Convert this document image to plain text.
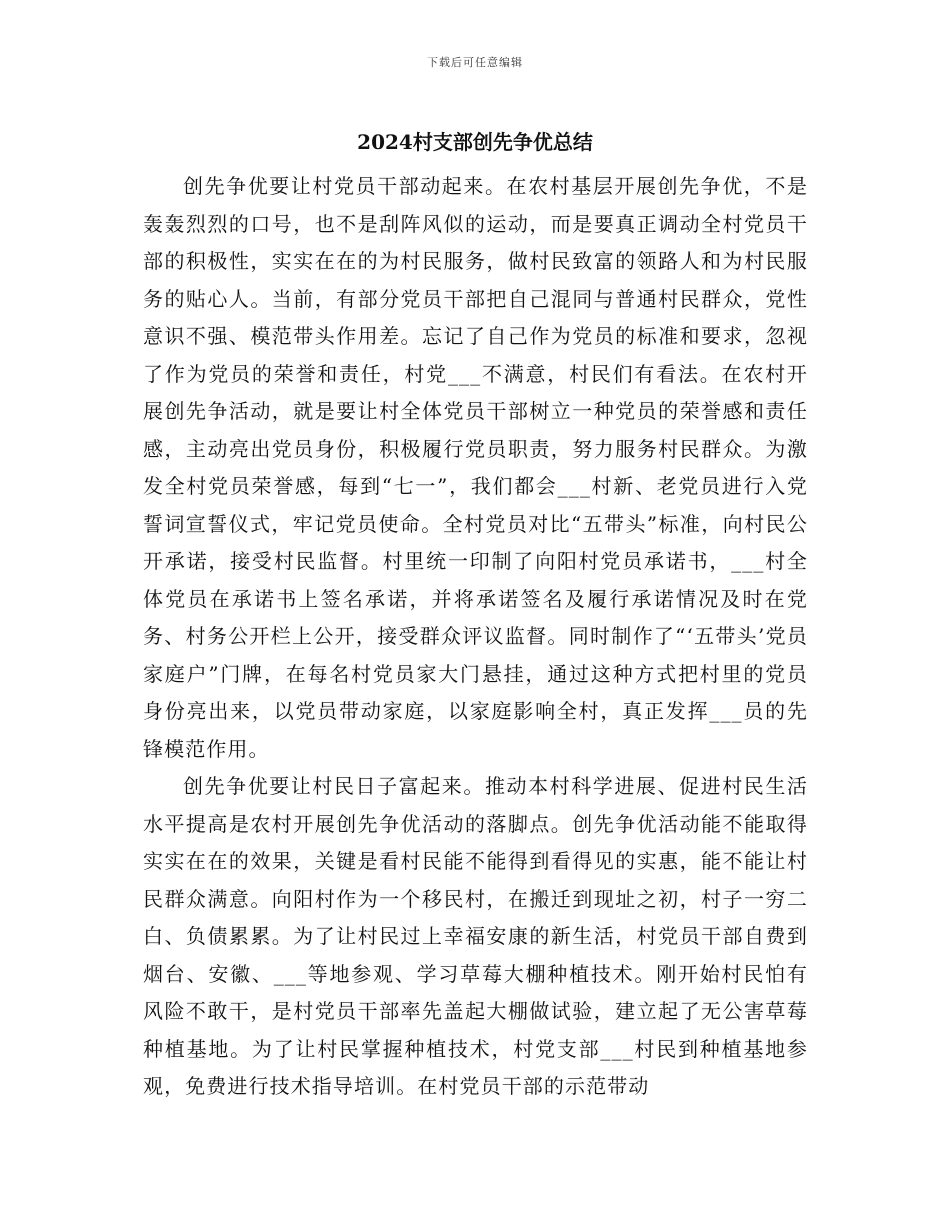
下载后可任意编辑
2024村支部创先争优总结

创先争优要让村党员干部动起来。在农村基层开展创先争优，不是轰轰烈烈的口号，也不是刮阵风似的运动，而是要真正调动全村党员干部的积极性，实实在在的为村民服务，做村民致富的领路人和为村民服务的贴心人。当前，有部分党员干部把自己混同与普通村民群众，党性意识不强、模范带头作用差。忘记了自己作为党员的标准和要求，忽视了作为党员的荣誉和责任，村党___不满意，村民们有看法。在农村开展创先争活动，就是要让村全体党员干部树立一种党员的荣誉感和责任感，主动亮出党员身份，积极履行党员职责，努力服务村民群众。为激发全村党员荣誉感，每到“七一”，我们都会___村新、老党员进行入党誓词宣誓仪式，牢记党员使命。全村党员对比“五带头”标准，向村民公开承诺，接受村民监督。村里统一印制了向阳村党员承诺书，___村全体党员在承诺书上签名承诺，并将承诺签名及履行承诺情况及时在党务、村务公开栏上公开，接受群众评议监督。同时制作了“‘五带头’党员家庭户”门牌，在每名村党员家大门悬挂，通过这种方式把村里的党员身份亮出来，以党员带动家庭，以家庭影响全村，真正发挥___员的先锋模范作用。

创先争优要让村民日子富起来。推动本村科学进展、促进村民生活水平提高是农村开展创先争优活动的落脚点。创先争优活动能不能取得实实在在的效果，关键是看村民能不能得到看得见的实惠，能不能让村民群众满意。向阳村作为一个移民村，在搬迁到现址之初，村子一穷二白、负债累累。为了让村民过上幸福安康的新生活，村党员干部自费到烟台、安徽、___等地参观、学习草莓大棚种植技术。刚开始村民怕有风险不敢干，是村党员干部率先盖起大棚做试验，建立起了无公害草莓种植基地。为了让村民掌握种植技术，村党支部___村民到种植基地参观，免费进行技术指导培训。在村党员干部的示范带动
